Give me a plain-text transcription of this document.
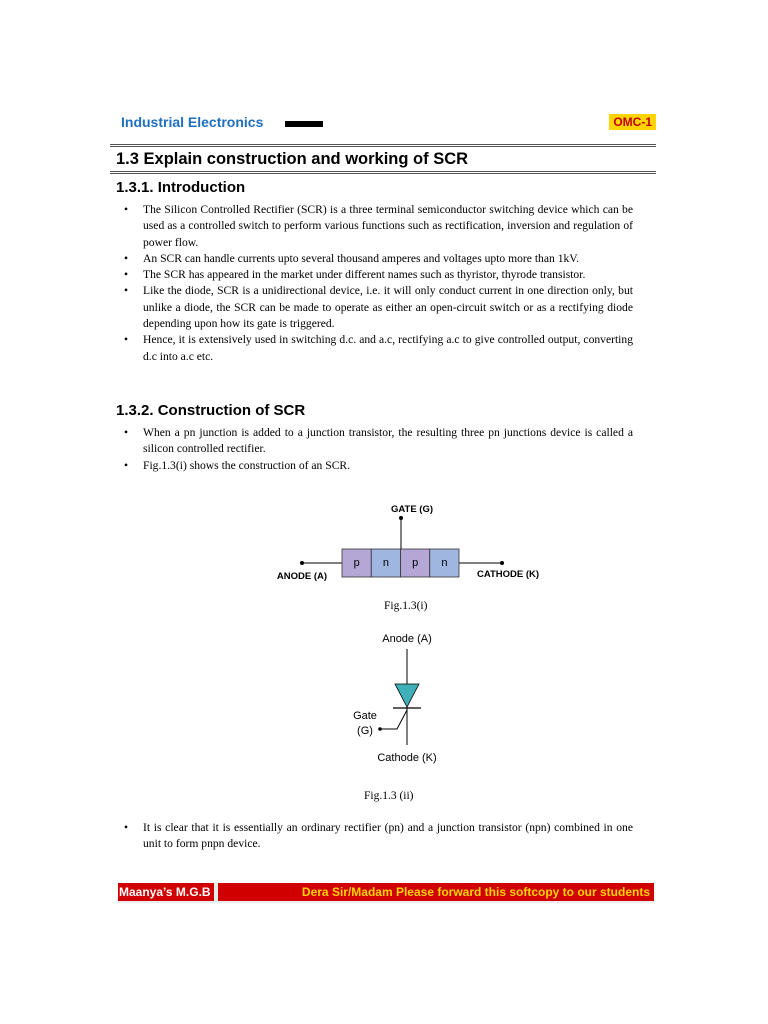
Industrial Electronics	OMC-1
1.3 Explain construction and working of SCR
1.3.1. Introduction
• The Silicon Controlled Rectifier (SCR) is a three terminal semiconductor switching device which can be used as a controlled switch to perform various functions such as rectification, inversion and regulation of power flow.
• An SCR can handle currents upto several thousand amperes and voltages upto more than 1kV.
• The SCR has appeared in the market under different names such as thyristor, thyrode transistor.
• Like the diode, SCR is a unidirectional device, i.e. it will only conduct current in one direction only, but unlike a diode, the SCR can be made to operate as either an open-circuit switch or as a rectifying diode depending upon how its gate is triggered.
• Hence, it is extensively used in switching d.c. and a.c, rectifying a.c to give controlled output, converting d.c into a.c etc.
1.3.2. Construction of SCR
• When a pn junction is added to a junction transistor, the resulting three pn junctions device is called a silicon controlled rectifier.
• Fig.1.3(i) shows the construction of an SCR.
GATE (G)
p n p n
ANODE (A)	CATHODE (K)
Anode (A)
Gate
(G)
Cathode (K)
Fig.1.3(i)
Fig.1.3 (ii)
• It is clear that it is essentially an ordinary rectifier (pn) and a junction transistor (npn) combined in one unit to form pnpn device.
Maanya’s M.G.B	Dera Sir/Madam Please forward this softcopy to our students
